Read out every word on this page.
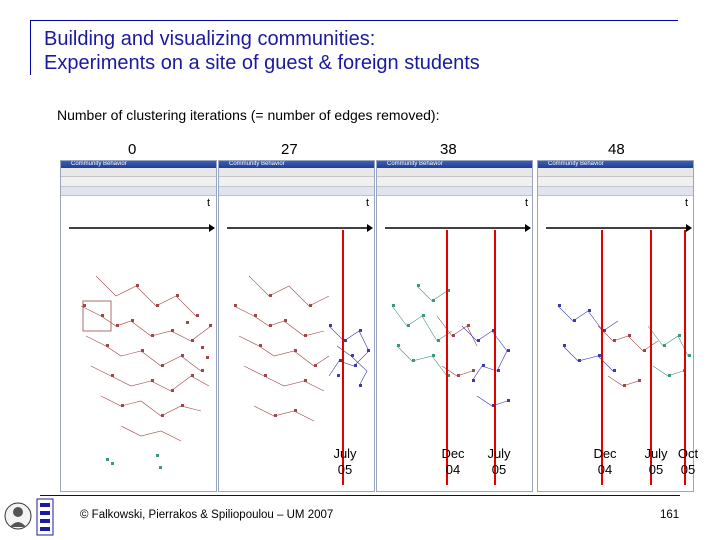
Building and visualizing communities:
Experiments on a site of guest & foreign students
Number of clustering iterations (= number of edges removed):
0	27	38	48
Community Behavior
t
Community Behavior
t
Community Behavior
t
Community Behavior
t
July
05
Dec
04
July
05
Dec
04
July
05
Oct
05
© Falkowski, Pierrakos & Spiliopoulou – UM 2007	161
